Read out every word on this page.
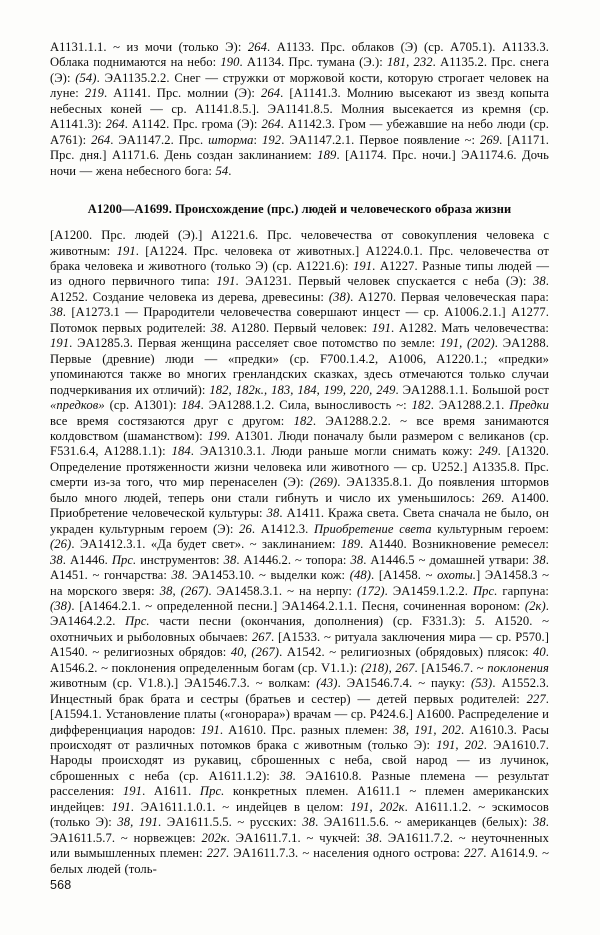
A1131.1.1. ~ из мочи (только Э): 264. A1133. Прс. облаков (Э) (ср. A705.1). A1133.3. Облака поднимаются на небо: 190. A1134. Прс. тумана (Э.): 181, 232. A1135.2. Прс. снега (Э): (54). ЭA1135.2.2. Снег — стружки от моржовой кости, которую строгает человек на луне: 219. A1141. Прс. молнии (Э): 264. [A1141.3. Молнию высекают из звезд копыта небесных коней — ср. A1141.8.5.]. ЭA1141.8.5. Молния высекается из кремня (ср. A1141.3): 264. A1142. Прс. грома (Э): 264. A1142.3. Гром — убежавшие на небо люди (ср. A761): 264. ЭA1147.2. Прс. шторма: 192. ЭA1147.2.1. Первое появление ~: 269. [A1171. Прс. дня.] A1171.6. День создан заклинанием: 189. [A1174. Прс. ночи.] ЭA1174.6. Дочь ночи — жена небесного бога: 54.

A1200—A1699. Происхождение (прс.) людей и человеческого образа жизни

[A1200. Прс. людей (Э).] A1221.6. Прс. человечества от совокупления человека с животным: 191. [A1224. Прс. человека от животных.] A1224.0.1. Прс. человечества от брака человека и животного (только Э) (ср. A1221.6): 191. A1227. Разные типы людей — из одного первичного типа: 191. ЭA1231. Первый человек спускается с неба (Э): 38. A1252. Создание человека из дерева, древесины: (38). A1270. Первая человеческая пара: 38. [A1273.1 — Прародители человечества совершают инцест — ср. A1006.2.1.] A1277. Потомок первых родителей: 38. A1280. Первый человек: 191. A1282. Мать человечества: 191. ЭA1285.3. Первая женщина расселяет свое потомство по земле: 191, (202). ЭA1288. Первые (древние) люди — «предки» (ср. F700.1.4.2, A1006, A1220.1.; «предки» упоминаются также во многих гренландских сказках, здесь отмечаются только случаи подчеркивания их отличий): 182, 182к., 183, 184, 199, 220, 249. ЭA1288.1.1. Большой рост «предков» (ср. A1301): 184. ЭA1288.1.2. Сила, выносливость ~: 182. ЭA1288.2.1. Предки все время состязаются друг с другом: 182. ЭA1288.2.2. ~ все время занимаются колдовством (шаманством): 199. A1301. Люди поначалу были размером с великанов (ср. F531.6.4, A1288.1.1): 184. ЭA1310.3.1. Люди раньше могли снимать кожу: 249. [A1320. Определение протяженности жизни человека или животного — ср. U252.] A1335.8. Прс. смерти из-за того, что мир перенаселен (Э): (269). ЭA1335.8.1. До появления штормов было много людей, теперь они стали гибнуть и число их уменьшилось: 269. A1400. Приобретение человеческой культуры: 38. A1411. Кража света. Света сначала не было, он украден культурным героем (Э): 26. A1412.3. Приобретение света культурным героем: (26). ЭA1412.3.1. «Да будет свет». ~ заклинанием: 189. A1440. Возникновение ремесел: 38. A1446. Прс. инструментов: 38. A1446.2. ~ топора: 38. A1446.5 ~ домашней утвари: 38. A1451. ~ гончарства: 38. ЭA1453.10. ~ выделки кож: (48). [A1458. ~ охоты.] ЭA1458.3 ~ на морского зверя: 38, (267). ЭA1458.3.1. ~ на нерпу: (172). ЭA1459.1.2.2. Прс. гарпуна: (38). [A1464.2.1. ~ определенной песни.] ЭA1464.2.1.1. Песня, сочиненная вороном: (2к). ЭA1464.2.2. Прс. части песни (окончания, дополнения) (ср. F331.3): 5. A1520. ~ охотничьих и рыболовных обычаев: 267. [A1533. ~ ритуала заключения мира — ср. P570.] A1540. ~ религиозных обрядов: 40, (267). A1542. ~ религиозных (обрядовых) плясок: 40. A1546.2. ~ поклонения определенным богам (ср. V1.1.): (218), 267. [A1546.7. ~ поклонения животным (ср. V1.8.).] ЭA1546.7.3. ~ волкам: (43). ЭA1546.7.4. ~ пауку: (53). A1552.3. Инцестный брак брата и сестры (братьев и сестер) — детей первых родителей: 227. [A1594.1. Установление платы («гонорара») врачам — ср. P424.6.] A1600. Распределение и дифференциация народов: 191. A1610. Прс. разных племен: 38, 191, 202. A1610.3. Расы происходят от различных потомков брака с животным (только Э): 191, 202. ЭA1610.7. Народы происходят из рукавиц, сброшенных с неба, свой народ — из лучинок, сброшенных с неба (ср. A1611.1.2): 38. ЭA1610.8. Разные племена — результат расселения: 191. A1611. Прс. конкретных племен. A1611.1 ~ племен американских индейцев: 191. ЭA1611.1.0.1. ~ индейцев в целом: 191, 202к. A1611.1.2. ~ эскимосов (только Э): 38, 191. ЭA1611.5.5. ~ русских: 38. ЭA1611.5.6. ~ американцев (белых): 38. ЭA1611.5.7. ~ норвежцев: 202к. ЭA1611.7.1. ~ чукчей: 38. ЭA1611.7.2. ~ неуточненных или вымышленных племен: 227. ЭA1611.7.3. ~ населения одного острова: 227. A1614.9. ~ белых людей (толь-

568
